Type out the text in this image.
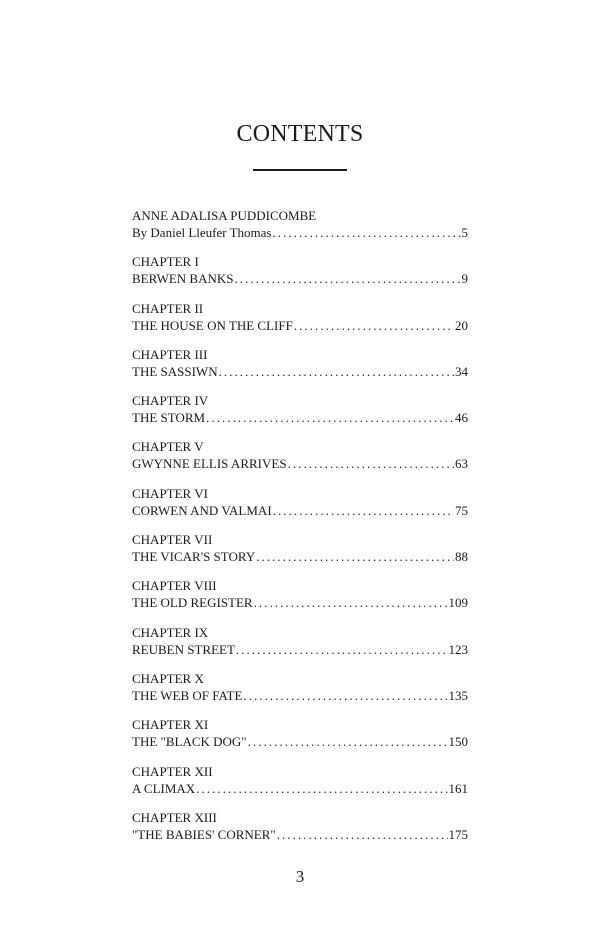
CONTENTS
ANNE ADALISA PUDDICOMBE
By Daniel Lleufer Thomas . . .	5
CHAPTER I
BERWEN BANKS . . .	9
CHAPTER II
THE HOUSE ON THE CLIFF . . .	20
CHAPTER III
THE SASSIWN . . .	34
CHAPTER IV
THE STORM . . .	46
CHAPTER V
GWYNNE ELLIS ARRIVES . . .	63
CHAPTER VI
CORWEN AND VALMAI . . .	75
CHAPTER VII
THE VICAR'S STORY . . .	88
CHAPTER VIII
THE OLD REGISTER . . .	109
CHAPTER IX
REUBEN STREET . . .	123
CHAPTER X
THE WEB OF FATE . . .	135
CHAPTER XI
THE "BLACK DOG" . . .	150
CHAPTER XII
A CLIMAX . . .	161
CHAPTER XIII
"THE BABIES' CORNER" . . .	175
3
